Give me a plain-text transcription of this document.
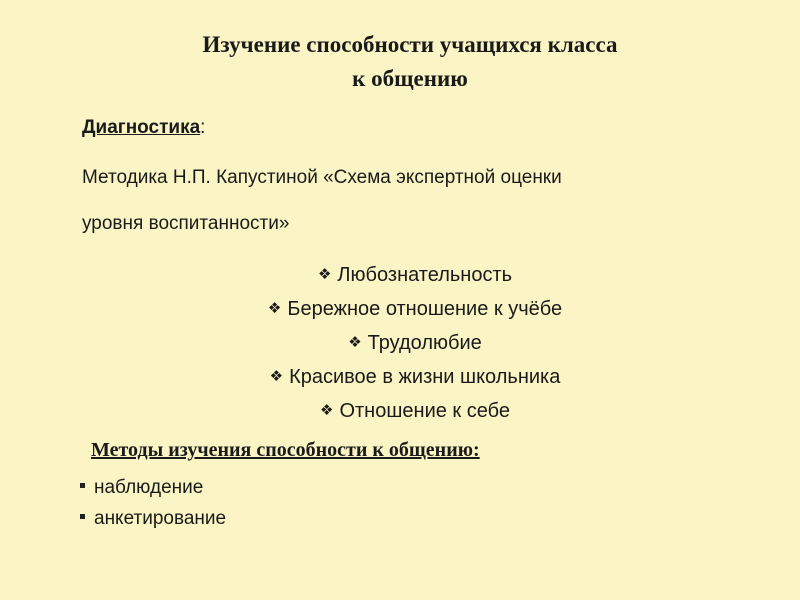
Изучение способности учащихся класса
к общению
Диагностика:
Методика Н.П. Капустиной «Схема экспертной оценки
уровня воспитанности»
❖ Любознательность
❖ Бережное отношение к учёбе
❖ Трудолюбие
❖ Красивое в жизни школьника
❖ Отношение к себе
Методы изучения способности к общению:
наблюдение
анкетирование
